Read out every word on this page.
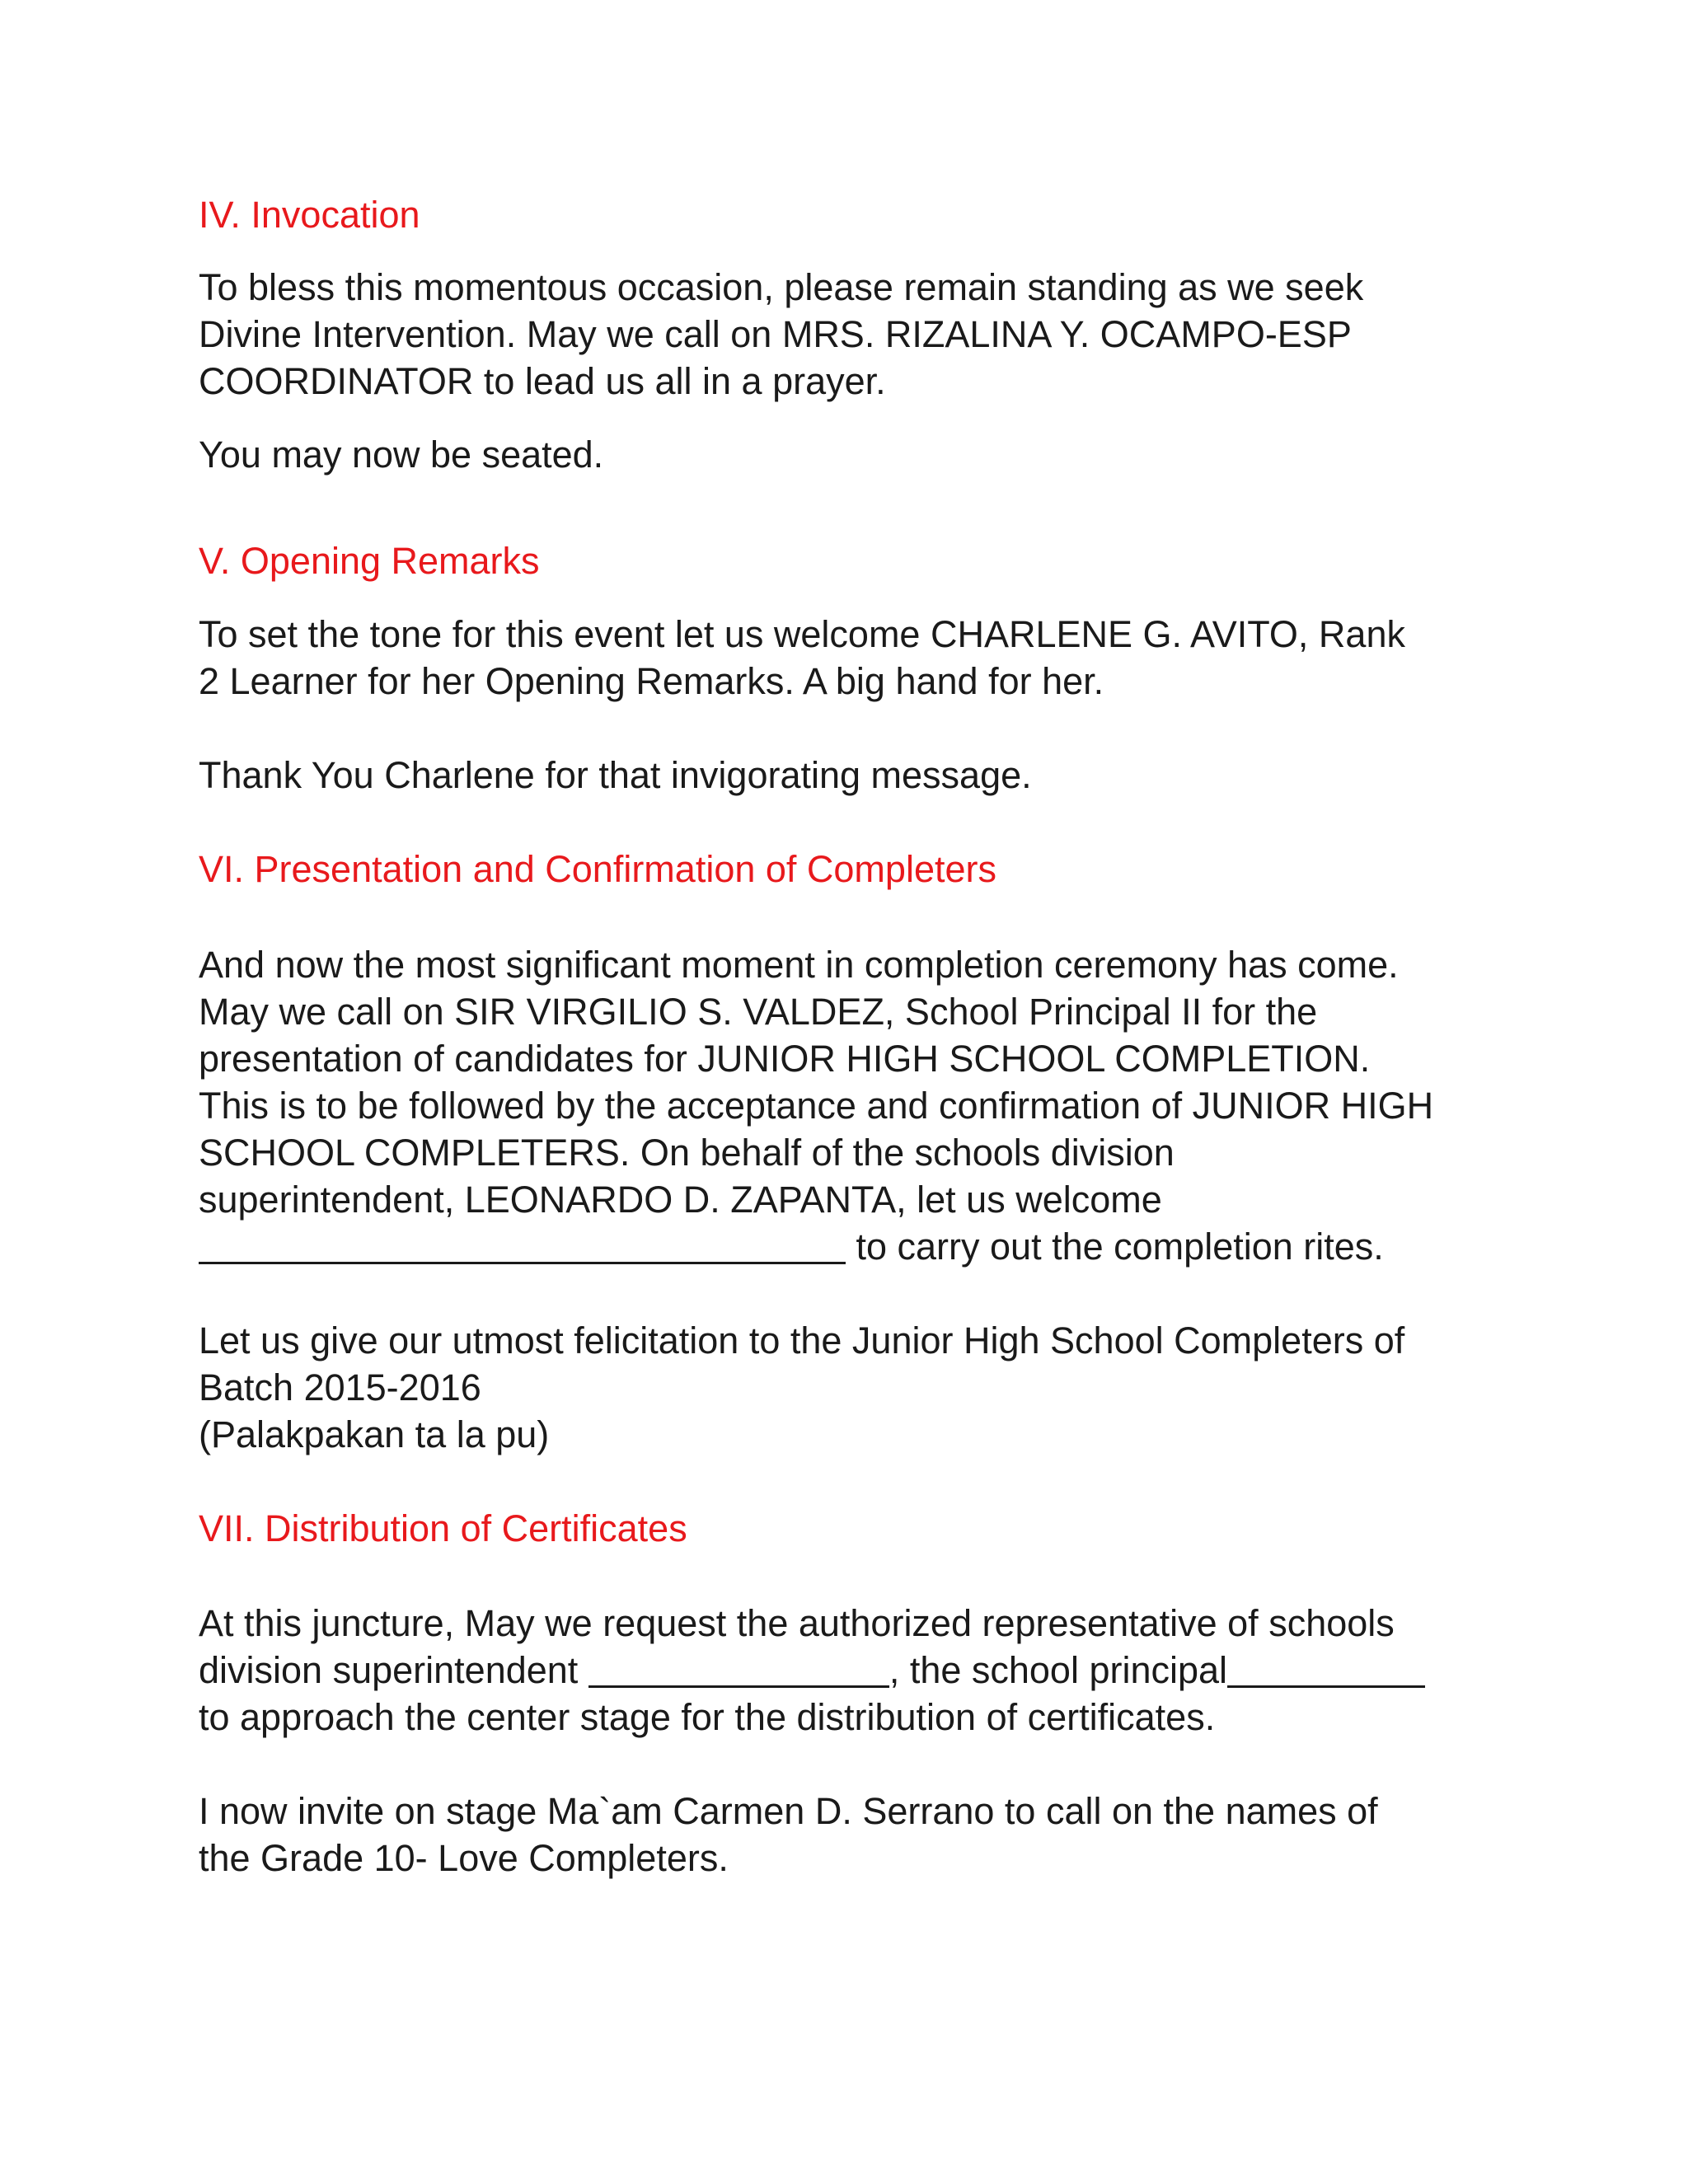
IV. Invocation

To bless this momentous occasion, please remain standing as we seek
Divine Intervention. May we call on MRS. RIZALINA Y. OCAMPO-ESP
COORDINATOR to lead us all in a prayer.

You may now be seated.

V. Opening Remarks

To set the tone for this event let us welcome CHARLENE G. AVITO, Rank
2 Learner for her Opening Remarks. A big hand for her.

Thank You Charlene for that invigorating message.

VI. Presentation and Confirmation of Completers

And now the most significant moment in completion ceremony has come.
May we call on SIR VIRGILIO S. VALDEZ, School Principal II for the
presentation of candidates for JUNIOR HIGH SCHOOL COMPLETION.
This is to be followed by the acceptance and confirmation of JUNIOR HIGH
SCHOOL COMPLETERS. On behalf of the schools division
superintendent, LEONARDO D. ZAPANTA, let us welcome
to carry out the completion rites.

Let us give our utmost felicitation to the Junior High School Completers of
Batch 2015-2016
(Palakpakan ta la pu)

VII. Distribution of Certificates

At this juncture, May we request the authorized representative of schools
division superintendent	, the school principal
to approach the center stage for the distribution of certificates.

I now invite on stage Ma`am Carmen D. Serrano to call on the names of
the Grade 10- Love Completers.
